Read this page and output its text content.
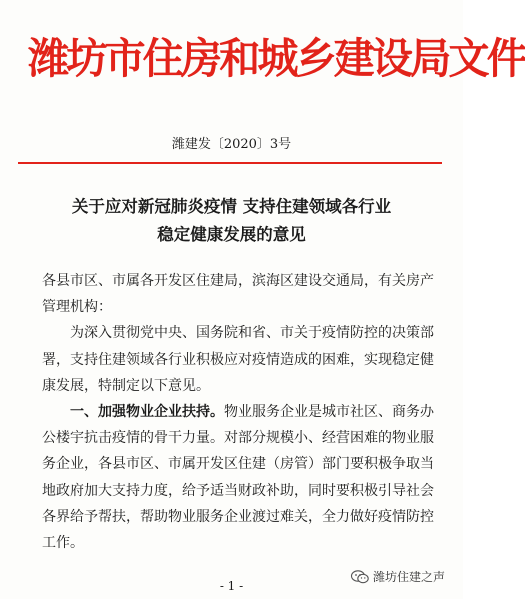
潍坊市住房和城乡建设局文件
潍建发〔2020〕3号
关于应对新冠肺炎疫情 支持住建领域各行业
稳定健康发展的意见
各县市区、市属各开发区住建局，滨海区建设交通局，有关房产
管理机构：
为深入贯彻党中央、国务院和省、市关于疫情防控的决策部
署，支持住建领域各行业积极应对疫情造成的困难，实现稳定健
康发展，特制定以下意见。
一、加强物业企业扶持。物业服务企业是城市社区、商务办
公楼宇抗击疫情的骨干力量。对部分规模小、经营困难的物业服
务企业，各县市区、市属开发区住建（房管）部门要积极争取当
地政府加大支持力度，给予适当财政补助，同时要积极引导社会
各界给予帮扶，帮助物业服务企业渡过难关，全力做好疫情防控
工作。
- 1 -
潍坊住建之声
